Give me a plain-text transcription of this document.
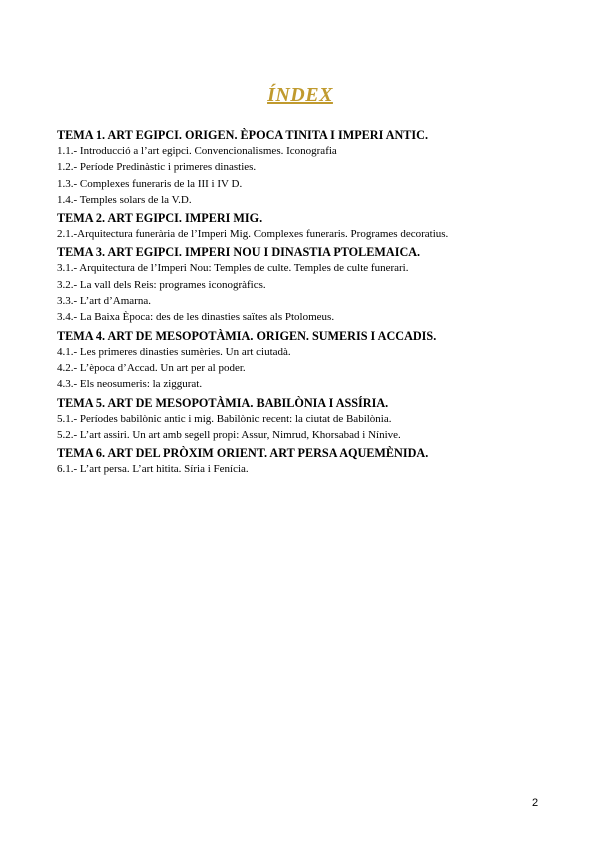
ÍNDEX
TEMA 1. ART EGIPCI. ORIGEN. ÈPOCA TINITA I IMPERI ANTIC.
1.1.- Introducció a l’art egipci. Convencionalismes. Iconografia
1.2.- Període Predinàstic i primeres dinasties.
1.3.- Complexes funeraris de la III i IV D.
1.4.- Temples solars de la V.D.
TEMA 2. ART EGIPCI. IMPERI MIG.
2.1.-Arquitectura funerària de l’Imperi Mig. Complexes funeraris. Programes decoratius.
TEMA 3. ART EGIPCI. IMPERI NOU I DINASTIA PTOLEMAICA.
3.1.- Arquitectura de l’Imperi Nou: Temples de culte. Temples de culte funerari.
3.2.- La vall dels Reis: programes iconogràfics.
3.3.- L’art d’Amarna.
3.4.- La Baixa Època: des de les dinasties saïtes als Ptolomeus.
TEMA 4. ART DE MESOPOTÀMIA. ORIGEN. SUMERIS I ACCADIS.
4.1.- Les primeres dinasties sumèries. Un art ciutadà.
4.2.- L’època d’Accad. Un art per al poder.
4.3.- Els neosumeris: la ziggurat.
TEMA 5. ART DE MESOPOTÀMIA. BABILÒNIA I ASSÍRIA.
5.1.- Períodes babilònic antic i mig. Babilònic recent: la ciutat de Babilònia.
5.2.- L’art assiri. Un art amb segell propi: Assur, Nimrud, Khorsabad i Nínive.
TEMA 6. ART DEL PRÒXIM ORIENT. ART PERSA AQUEMÈNIDA.
6.1.- L’art persa. L’art hitita. Síria i Fenícia.
2
